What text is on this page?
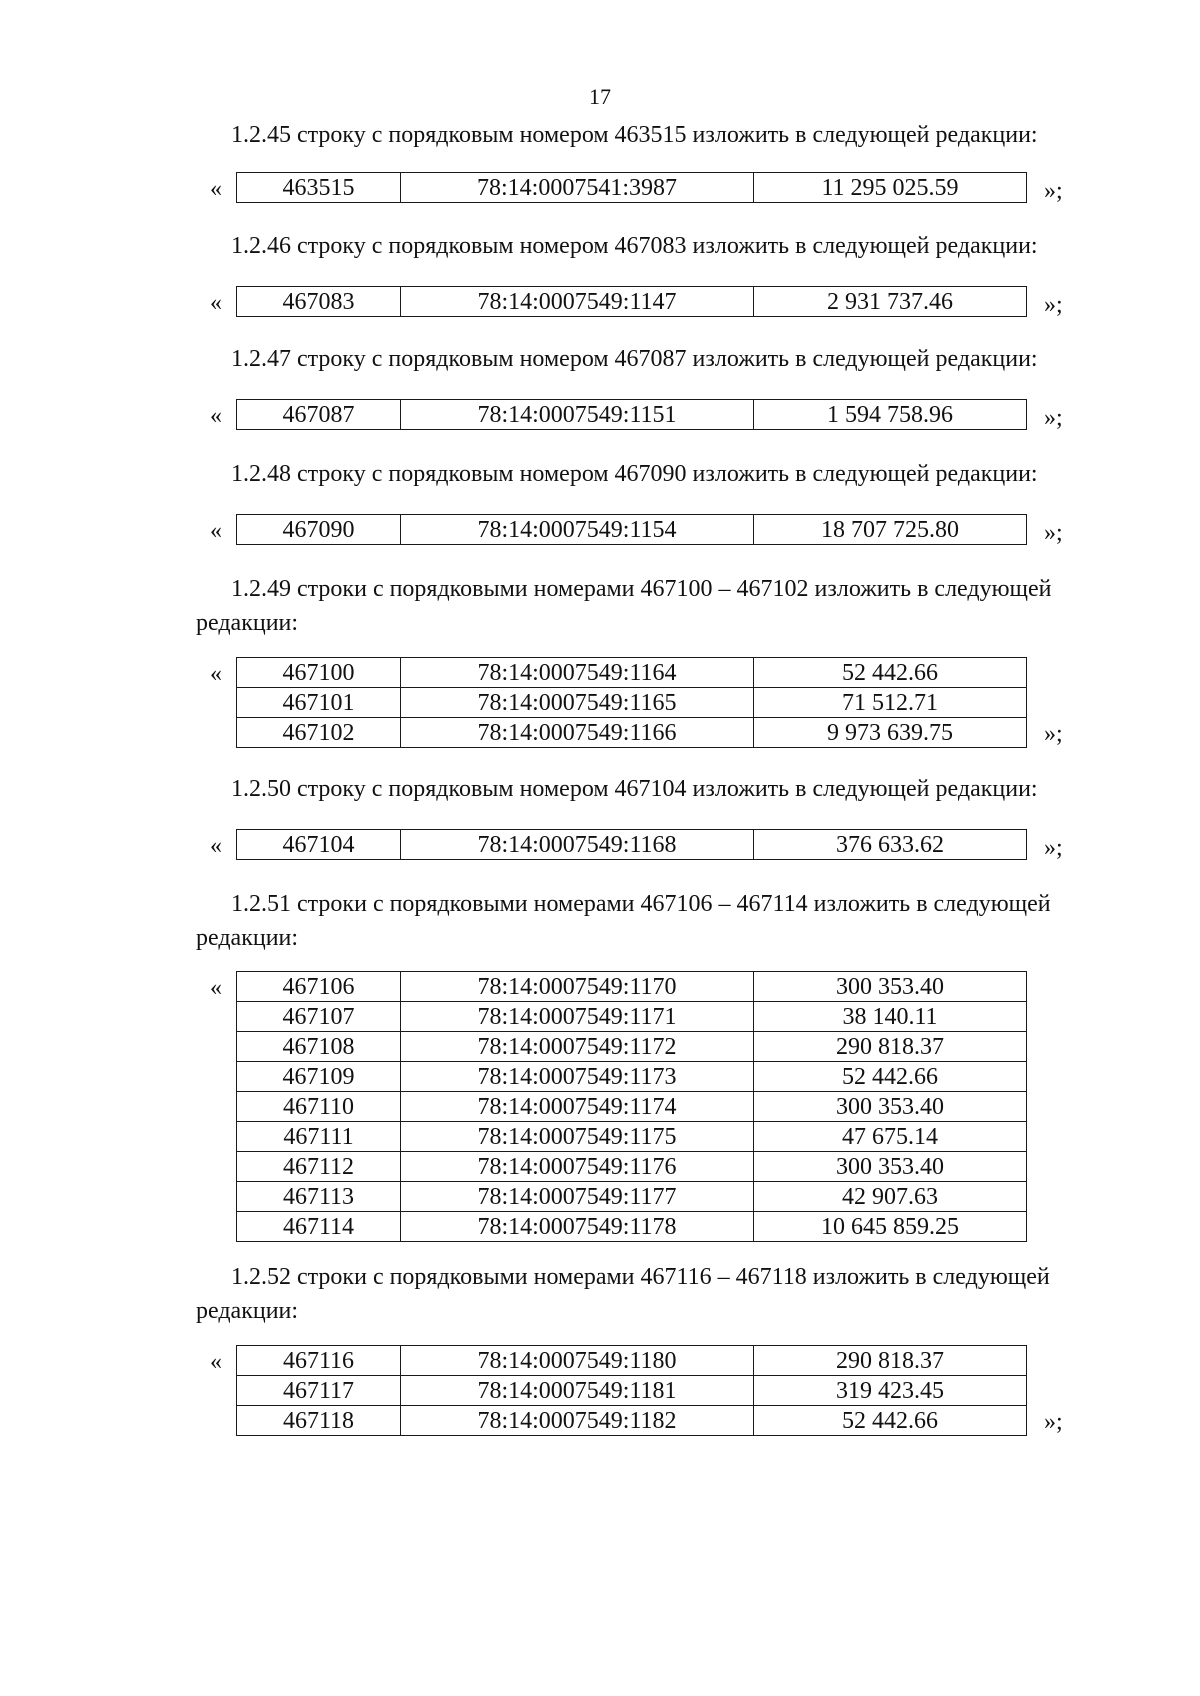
17

1.2.45 строку с порядковым номером 463515 изложить в следующей редакции:

«	463515	78:14:0007541:3987	11 295 025.59	»;

1.2.46 строку с порядковым номером 467083 изложить в следующей редакции:

«	467083	78:14:0007549:1147	2 931 737.46	»;

1.2.47 строку с порядковым номером 467087 изложить в следующей редакции:

«	467087	78:14:0007549:1151	1 594 758.96	»;

1.2.48 строку с порядковым номером 467090 изложить в следующей редакции:

«	467090	78:14:0007549:1154	18 707 725.80	»;

1.2.49 строки с порядковыми номерами 467100 – 467102 изложить в следующей редакции:

«	467100	78:14:0007549:1164	52 442.66
467101	78:14:0007549:1165	71 512.71
467102	78:14:0007549:1166	9 973 639.75	»;

1.2.50 строку с порядковым номером 467104 изложить в следующей редакции:

«	467104	78:14:0007549:1168	376 633.62	»;

1.2.51 строки с порядковыми номерами 467106 – 467114 изложить в следующей редакции:

«	467106	78:14:0007549:1170	300 353.40
467107	78:14:0007549:1171	38 140.11
467108	78:14:0007549:1172	290 818.37
467109	78:14:0007549:1173	52 442.66
467110	78:14:0007549:1174	300 353.40
467111	78:14:0007549:1175	47 675.14
467112	78:14:0007549:1176	300 353.40
467113	78:14:0007549:1177	42 907.63
467114	78:14:0007549:1178	10 645 859.25

1.2.52 строки с порядковыми номерами 467116 – 467118 изложить в следующей редакции:

«	467116	78:14:0007549:1180	290 818.37
467117	78:14:0007549:1181	319 423.45
467118	78:14:0007549:1182	52 442.66	»;
